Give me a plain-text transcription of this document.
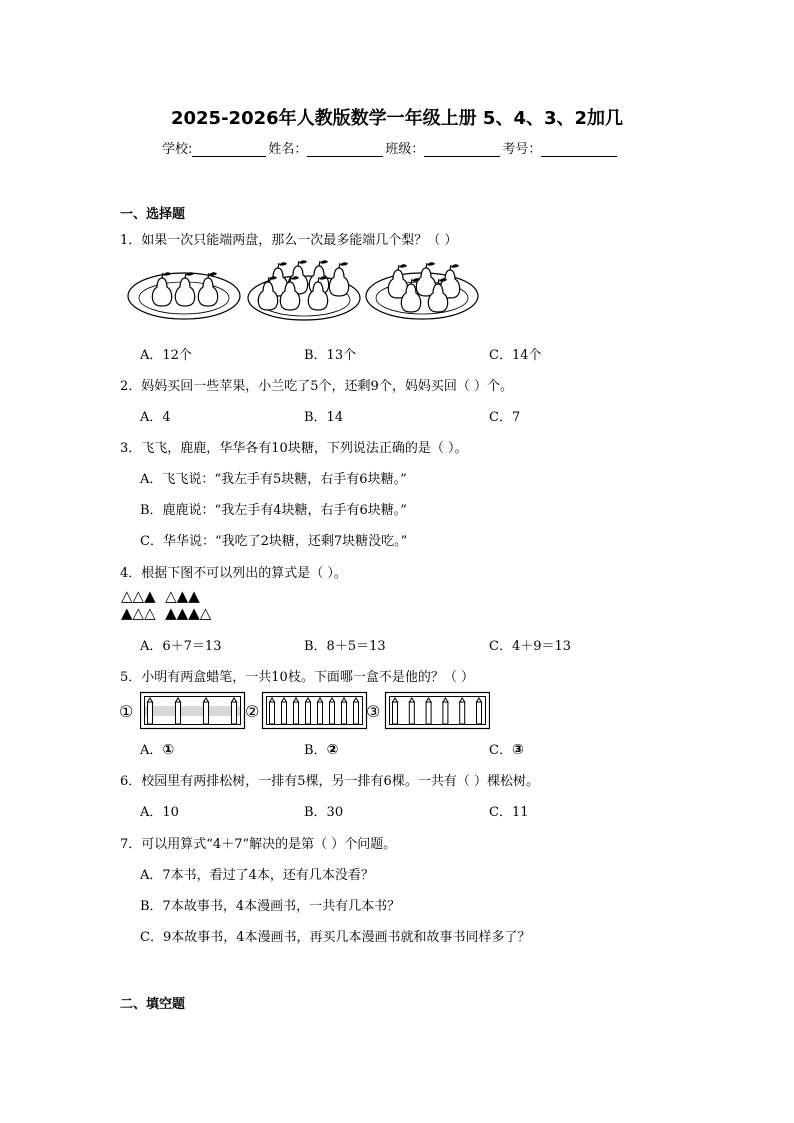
2025-2026年人教版数学一年级上册 5、4、3、2加几
学校:	姓名：	班级：	考号：
一、选择题
1．如果一次只能端两盘，那么一次最多能端几个梨？（ ）
A．12个	B．13个	C．14个
2．妈妈买回一些苹果，小兰吃了5个，还剩9个，妈妈买回（ ）个。
A．4	B．14	C．7
3．飞飞，鹿鹿，华华各有10块糖，下列说法正确的是（ ）。
A．飞飞说：“我左手有5块糖，右手有6块糖。”
B．鹿鹿说：“我左手有4块糖，右手有6块糖。”
C．华华说：“我吃了2块糖，还剩7块糖没吃。”
4．根据下图不可以列出的算式是（ ）。
△△▲  △▲▲
▲△△  ▲▲▲△
A．6＋7＝13	B．8＋5＝13	C．4＋9＝13
5．小明有两盒蜡笔，一共10枝。下面哪一盒不是他的？（ ）
①	②	③
A．①	B．②	C．③
6．校园里有两排松树，一排有5棵，另一排有6棵。一共有（ ）棵松树。
A．10	B．30	C．11
7．可以用算式“4＋7”解决的是第（ ）个问题。
A．7本书，看过了4本，还有几本没看？
B．7本故事书，4本漫画书，一共有几本书？
C．9本故事书，4本漫画书，再买几本漫画书就和故事书同样多了？
二、填空题
